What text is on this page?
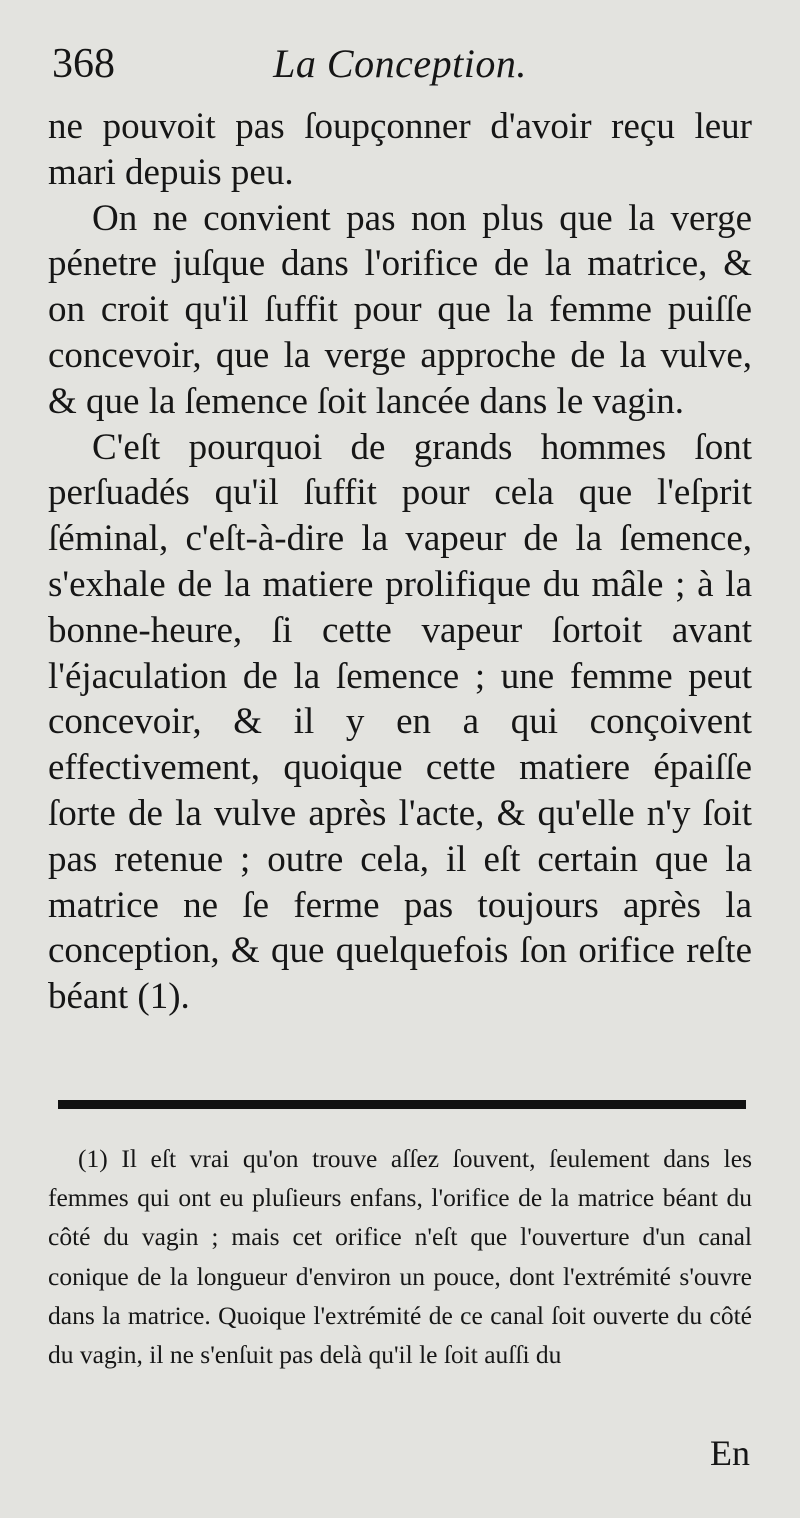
368	La Conception.

ne pouvoit pas ſoupçonner d'avoir reçu leur mari depuis peu.

On ne convient pas non plus que la verge pénetre juſque dans l'orifice de la matrice, & on croit qu'il ſuffit pour que la femme puiſſe concevoir, que la verge approche de la vulve, & que la ſemence ſoit lancée dans le vagin.

C'eſt pourquoi de grands hommes ſont perſuadés qu'il ſuffit pour cela que l'eſprit ſéminal, c'eſt-à-dire la vapeur de la ſemence, s'exhale de la matiere prolifique du mâle ; à la bonne-heure, ſi cette vapeur ſortoit avant l'éjaculation de la ſemence ; une femme peut concevoir, & il y en a qui conçoivent effectivement, quoique cette matiere épaiſſe ſorte de la vulve après l'acte, & qu'elle n'y ſoit pas retenue ; outre cela, il eſt certain que la matrice ne ſe ferme pas toujours après la conception, & que quelquefois ſon orifice reſte béant (1).

(1) Il eſt vrai qu'on trouve aſſez ſouvent, ſeulement dans les femmes qui ont eu pluſieurs enfans, l'orifice de la matrice béant du côté du vagin ; mais cet orifice n'eſt que l'ouverture d'un canal conique de la longueur d'environ un pouce, dont l'extrémité s'ouvre dans la matrice. Quoique l'extrémité de ce canal ſoit ouverte du côté du vagin, il ne s'enſuit pas delà qu'il le ſoit auſſi du

En
